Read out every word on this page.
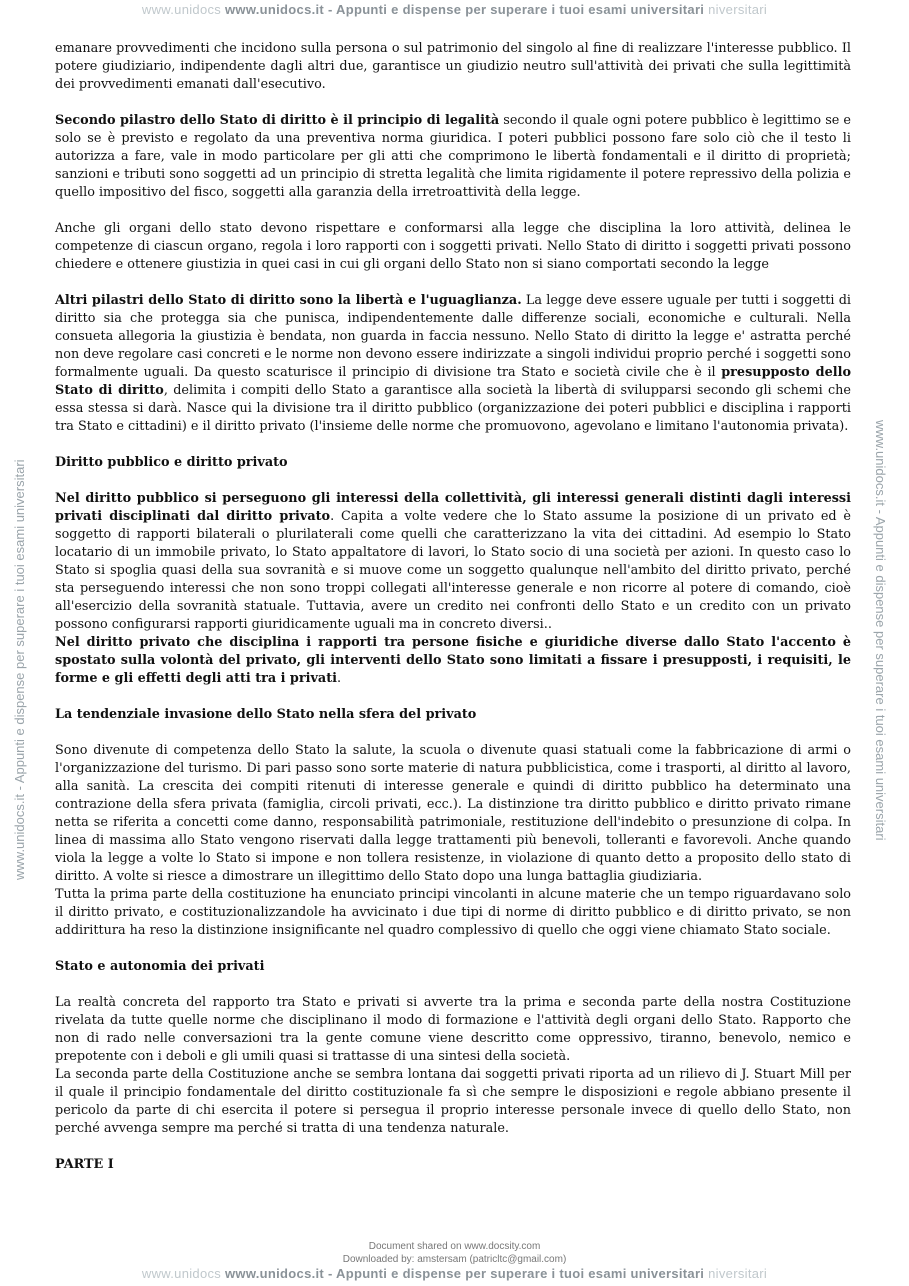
www.unidocs www.unidocs.it - Appunti e dispense per superare i tuoi esami universitari niversitari
www.unidocs.it - Appunti e dispense per superare i tuoi esami universitari	www.unidocs.it - Appunti e dispense per superare i tuoi esami universitari

emanare provvedimenti che incidono sulla persona o sul patrimonio del singolo al fine di realizzare l'interesse pubblico. Il potere giudiziario, indipendente dagli altri due, garantisce un giudizio neutro sull'attività dei privati che sulla legittimità dei provvedimenti emanati dall'esecutivo.

Secondo pilastro dello Stato di diritto è il principio di legalità secondo il quale ogni potere pubblico è legittimo se e solo se è previsto e regolato da una preventiva norma giuridica. I poteri pubblici possono fare solo ciò che il testo li autorizza a fare, vale in modo particolare per gli atti che comprimono le libertà fondamentali e il diritto di proprietà; sanzioni e tributi sono soggetti ad un principio di stretta legalità che limita rigidamente il potere repressivo della polizia e quello impositivo del fisco, soggetti alla garanzia della irretroattività della legge.

Anche gli organi dello stato devono rispettare e conformarsi alla legge che disciplina la loro attività, delinea le competenze di ciascun organo, regola i loro rapporti con i soggetti privati. Nello Stato di diritto i soggetti privati possono chiedere e ottenere giustizia in quei casi in cui gli organi dello Stato non si siano comportati secondo la legge

Altri pilastri dello Stato di diritto sono la libertà e l'uguaglianza. La legge deve essere uguale per tutti i soggetti di diritto sia che protegga sia che punisca, indipendentemente dalle differenze sociali, economiche e culturali. Nella consueta allegoria la giustizia è bendata, non guarda in faccia nessuno. Nello Stato di diritto la legge e' astratta perché non deve regolare casi concreti e le norme non devono essere indirizzate a singoli individui proprio perché i soggetti sono formalmente uguali. Da questo scaturisce il principio di divisione tra Stato e società civile che è il presupposto dello Stato di diritto, delimita i compiti dello Stato a garantisce alla società la libertà di svilupparsi secondo gli schemi che essa stessa si darà. Nasce qui la divisione tra il diritto pubblico (organizzazione dei poteri pubblici e disciplina i rapporti tra Stato e cittadini) e il diritto privato (l'insieme delle norme che promuovono, agevolano e limitano l'autonomia privata).

Diritto pubblico e diritto privato

Nel diritto pubblico si perseguono gli interessi della collettività, gli interessi generali distinti dagli interessi privati disciplinati dal diritto privato. Capita a volte vedere che lo Stato assume la posizione di un privato ed è soggetto di rapporti bilaterali o plurilaterali come quelli che caratterizzano la vita dei cittadini. Ad esempio lo Stato locatario di un immobile privato, lo Stato appaltatore di lavori, lo Stato socio di una società per azioni. In questo caso lo Stato si spoglia quasi della sua sovranità e si muove come un soggetto qualunque nell'ambito del diritto privato, perché sta perseguendo interessi che non sono troppi collegati all'interesse generale e non ricorre al potere di comando, cioè all'esercizio della sovranità statuale. Tuttavia, avere un credito nei confronti dello Stato e un credito con un privato possono configurarsi rapporti giuridicamente uguali ma in concreto diversi..

Nel diritto privato che disciplina i rapporti tra persone fisiche e giuridiche diverse dallo Stato l'accento è spostato sulla volontà del privato, gli interventi dello Stato sono limitati a fissare i presupposti, i requisiti, le forme e gli effetti degli atti tra i privati.

La tendenziale invasione dello Stato nella sfera del privato

Sono divenute di competenza dello Stato la salute, la scuola o divenute quasi statuali come la fabbricazione di armi o l'organizzazione del turismo. Di pari passo sono sorte materie di natura pubblicistica, come i trasporti, al diritto al lavoro, alla sanità. La crescita dei compiti ritenuti di interesse generale e quindi di diritto pubblico ha determinato una contrazione della sfera privata (famiglia, circoli privati, ecc.). La distinzione tra diritto pubblico e diritto privato rimane netta se riferita a concetti come danno, responsabilità patrimoniale, restituzione dell'indebito o presunzione di colpa. In linea di massima allo Stato vengono riservati dalla legge trattamenti più benevoli, tolleranti e favorevoli. Anche quando viola la legge a volte lo Stato si impone e non tollera resistenze, in violazione di quanto detto a proposito dello stato di diritto. A volte si riesce a dimostrare un illegittimo dello Stato dopo una lunga battaglia giudiziaria.

Tutta la prima parte della costituzione ha enunciato principi vincolanti in alcune materie che un tempo riguardavano solo il diritto privato, e costituzionalizzandole ha avvicinato i due tipi di norme di diritto pubblico e di diritto privato, se non addirittura ha reso la distinzione insignificante nel quadro complessivo di quello che oggi viene chiamato Stato sociale.

Stato e autonomia dei privati

La realtà concreta del rapporto tra Stato e privati si avverte tra la prima e seconda parte della nostra Costituzione rivelata da tutte quelle norme che disciplinano il modo di formazione e l'attività degli organi dello Stato. Rapporto che non di rado nelle conversazioni tra la gente comune viene descritto come oppressivo, tiranno, benevolo, nemico e prepotente con i deboli e gli umili quasi si trattasse di una sintesi della società.

La seconda parte della Costituzione anche se sembra lontana dai soggetti privati riporta ad un rilievo di J. Stuart Mill per il quale il principio fondamentale del diritto costituzionale fa sì che sempre le disposizioni e regole abbiano presente il pericolo da parte di chi esercita il potere si persegua il proprio interesse personale invece di quello dello Stato, non perché avvenga sempre ma perché si tratta di una tendenza naturale.

PARTE I
Document shared on www.docsity.com
Downloaded by: amstersam (patricltc@gmail.com)
www.unidocs www.unidocs.it - Appunti e dispense per superare i tuoi esami universitari niversitari
